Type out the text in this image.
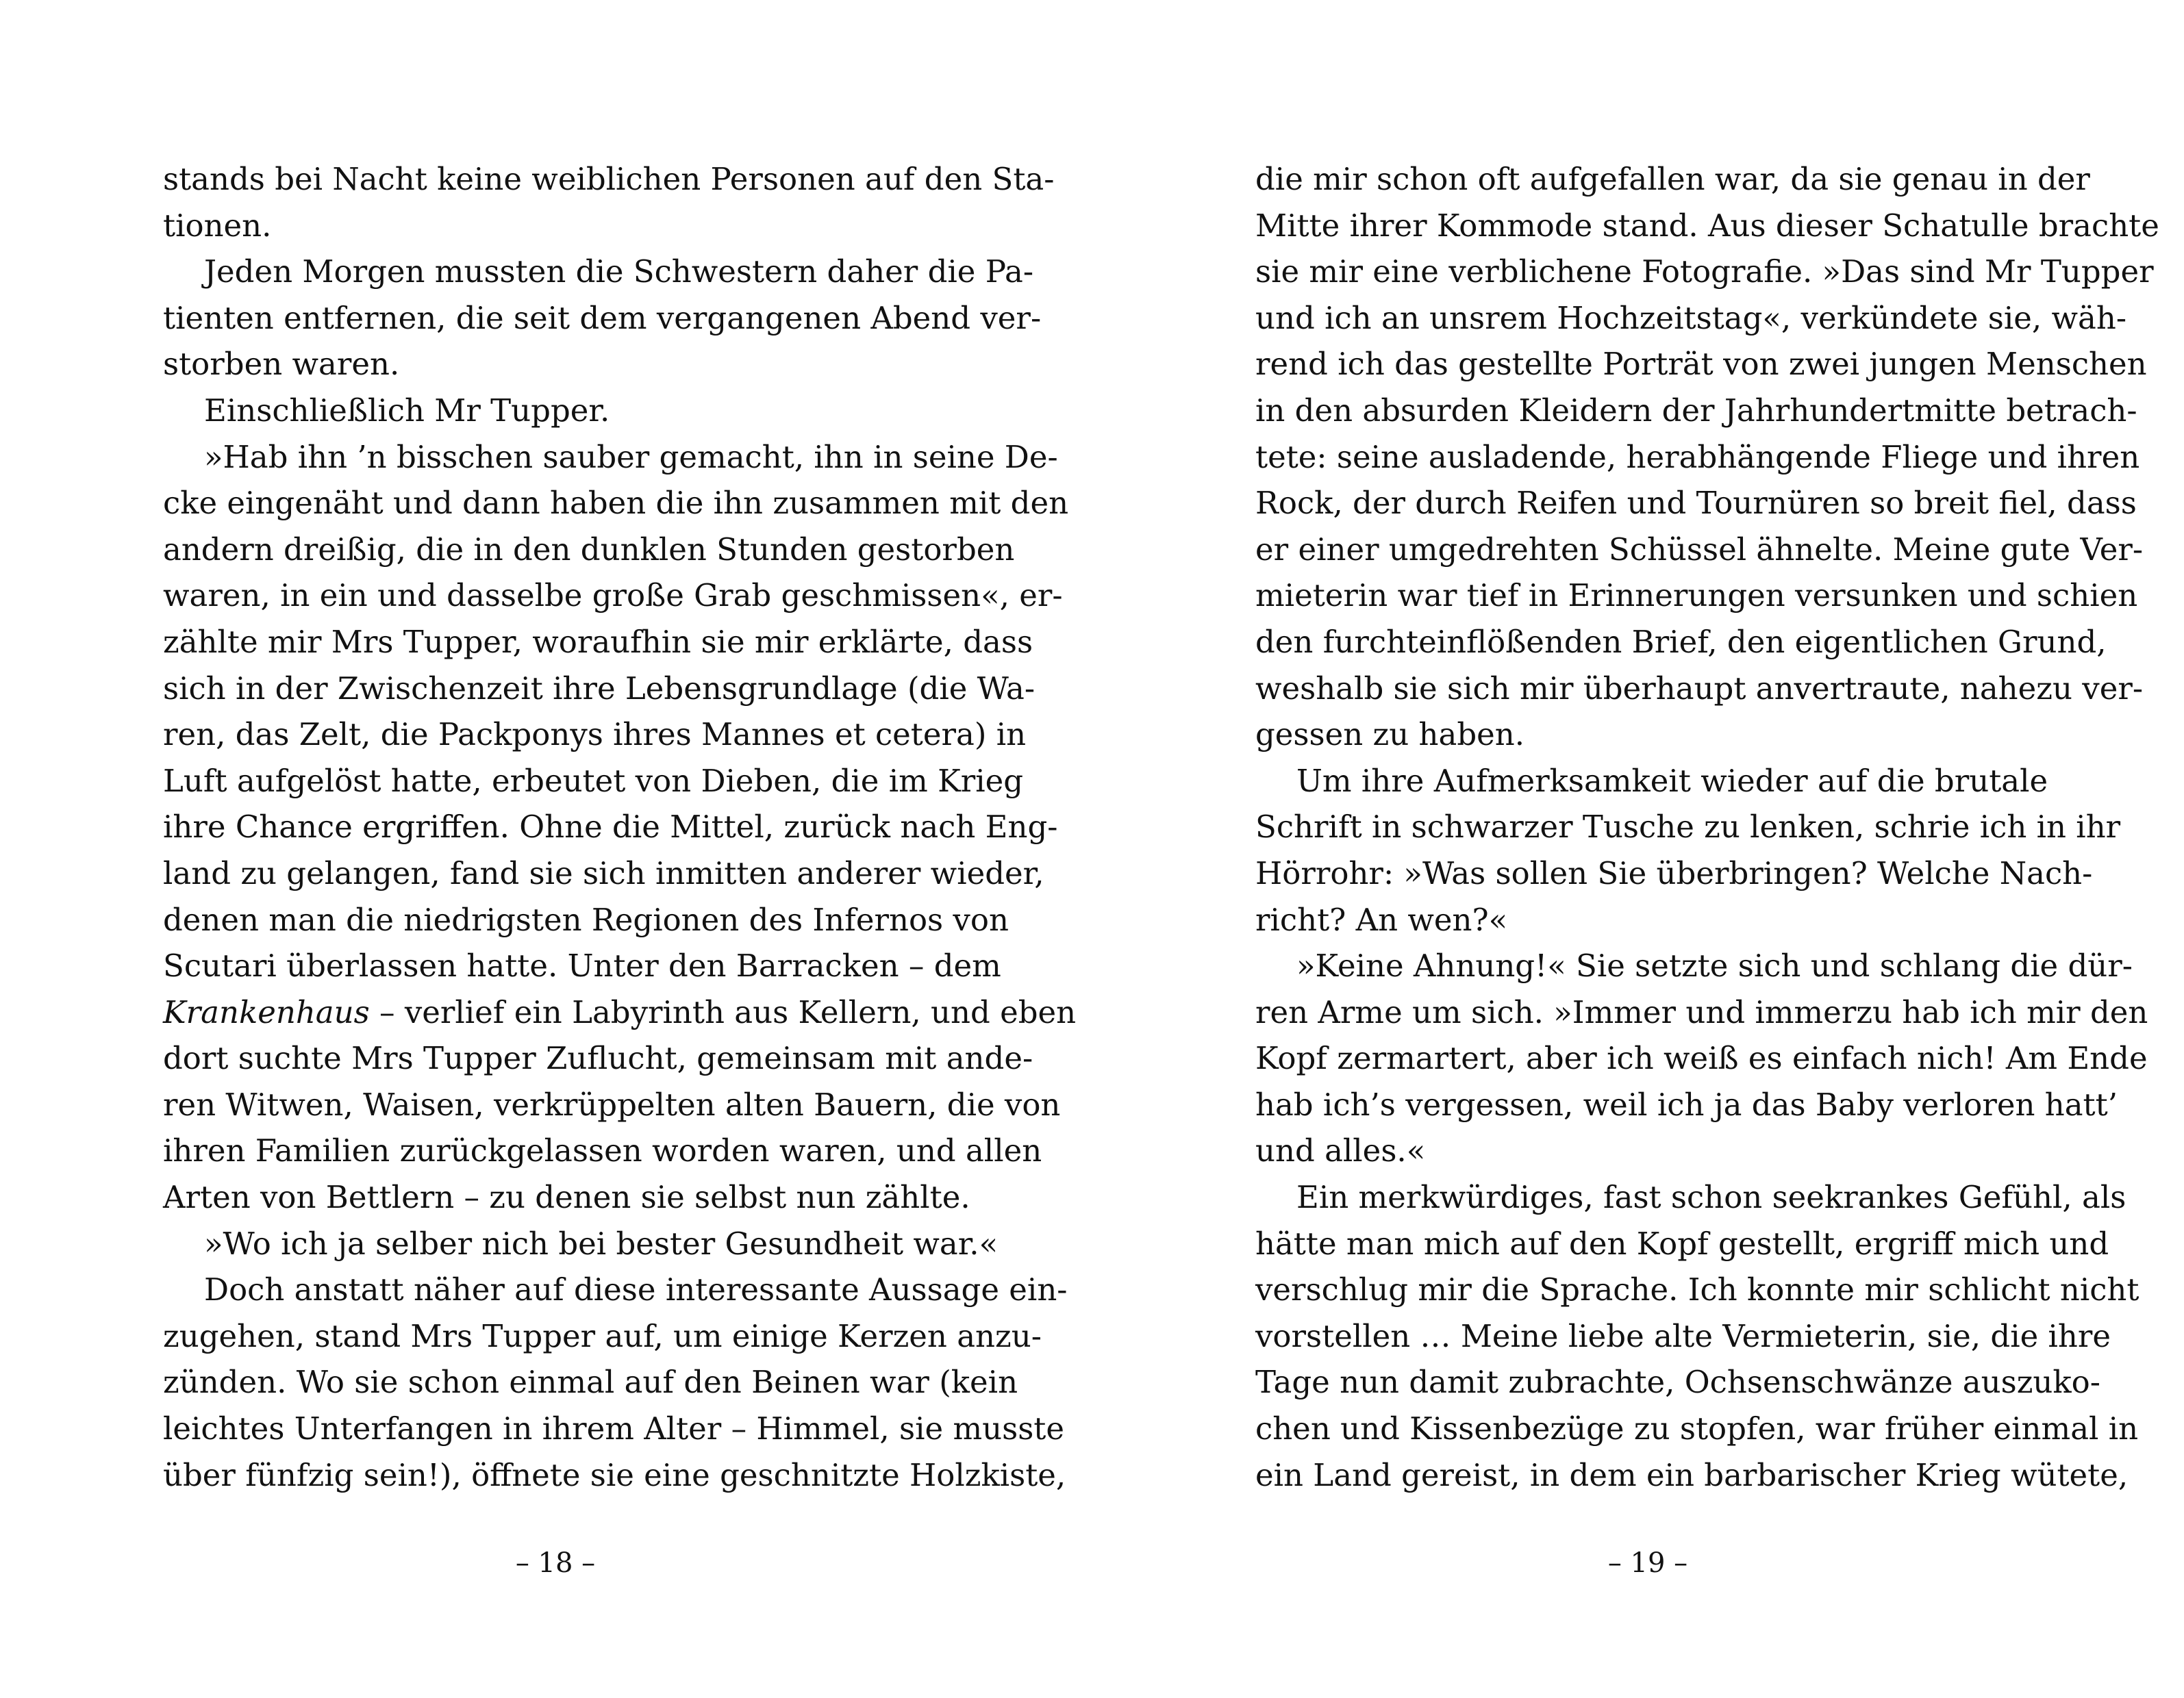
stands bei Nacht keine weiblichen Personen auf den Sta-
tionen.
Jeden Morgen mussten die Schwestern daher die Pa-
tienten entfernen, die seit dem vergangenen Abend ver-
storben waren.
Einschließlich Mr Tupper.
»Hab ihn ’n bisschen sauber gemacht, ihn in seine De-
cke eingenäht und dann haben die ihn zusammen mit den
andern dreißig, die in den dunklen Stunden gestorben
waren, in ein und dasselbe große Grab geschmissen«, er-
zählte mir Mrs Tupper, woraufhin sie mir erklärte, dass
sich in der Zwischenzeit ihre Lebensgrundlage (die Wa-
ren, das Zelt, die Packponys ihres Mannes et cetera) in
Luft aufgelöst hatte, erbeutet von Dieben, die im Krieg
ihre Chance ergriffen. Ohne die Mittel, zurück nach Eng-
land zu gelangen, fand sie sich inmitten anderer wieder,
denen man die niedrigsten Regionen des Infernos von
Scutari überlassen hatte. Unter den Barracken – dem
Krankenhaus – verlief ein Labyrinth aus Kellern, und eben
dort suchte Mrs Tupper Zuflucht, gemeinsam mit ande-
ren Witwen, Waisen, verkrüppelten alten Bauern, die von
ihren Familien zurückgelassen worden waren, und allen
Arten von Bettlern – zu denen sie selbst nun zählte.
»Wo ich ja selber nich bei bester Gesundheit war.«
Doch anstatt näher auf diese interessante Aussage ein-
zugehen, stand Mrs Tupper auf, um einige Kerzen anzu-
zünden. Wo sie schon einmal auf den Beinen war (kein
leichtes Unterfangen in ihrem Alter – Himmel, sie musste
über fünfzig sein!), öffnete sie eine geschnitzte Holzkiste,
– 18 –
die mir schon oft aufgefallen war, da sie genau in der
Mitte ihrer Kommode stand. Aus dieser Schatulle brachte
sie mir eine verblichene Fotografie. »Das sind Mr Tupper
und ich an unsrem Hochzeitstag«, verkündete sie, wäh-
rend ich das gestellte Porträt von zwei jungen Menschen
in den absurden Kleidern der Jahrhundertmitte betrach-
tete: seine ausladende, herabhängende Fliege und ihren
Rock, der durch Reifen und Tournüren so breit fiel, dass
er einer umgedrehten Schüssel ähnelte. Meine gute Ver-
mieterin war tief in Erinnerungen versunken und schien
den furchteinflößenden Brief, den eigentlichen Grund,
weshalb sie sich mir überhaupt anvertraute, nahezu ver-
gessen zu haben.
Um ihre Aufmerksamkeit wieder auf die brutale
Schrift in schwarzer Tusche zu lenken, schrie ich in ihr
Hörrohr: »Was sollen Sie überbringen? Welche Nach-
richt? An wen?«
»Keine Ahnung!« Sie setzte sich und schlang die dür-
ren Arme um sich. »Immer und immerzu hab ich mir den
Kopf zermartert, aber ich weiß es einfach nich! Am Ende
hab ich’s vergessen, weil ich ja das Baby verloren hatt’
und alles.«
Ein merkwürdiges, fast schon seekrankes Gefühl, als
hätte man mich auf den Kopf gestellt, ergriff mich und
verschlug mir die Sprache. Ich konnte mir schlicht nicht
vorstellen … Meine liebe alte Vermieterin, sie, die ihre
Tage nun damit zubrachte, Ochsenschwänze auszuko-
chen und Kissenbezüge zu stopfen, war früher einmal in
ein Land gereist, in dem ein barbarischer Krieg wütete,
– 19 –
